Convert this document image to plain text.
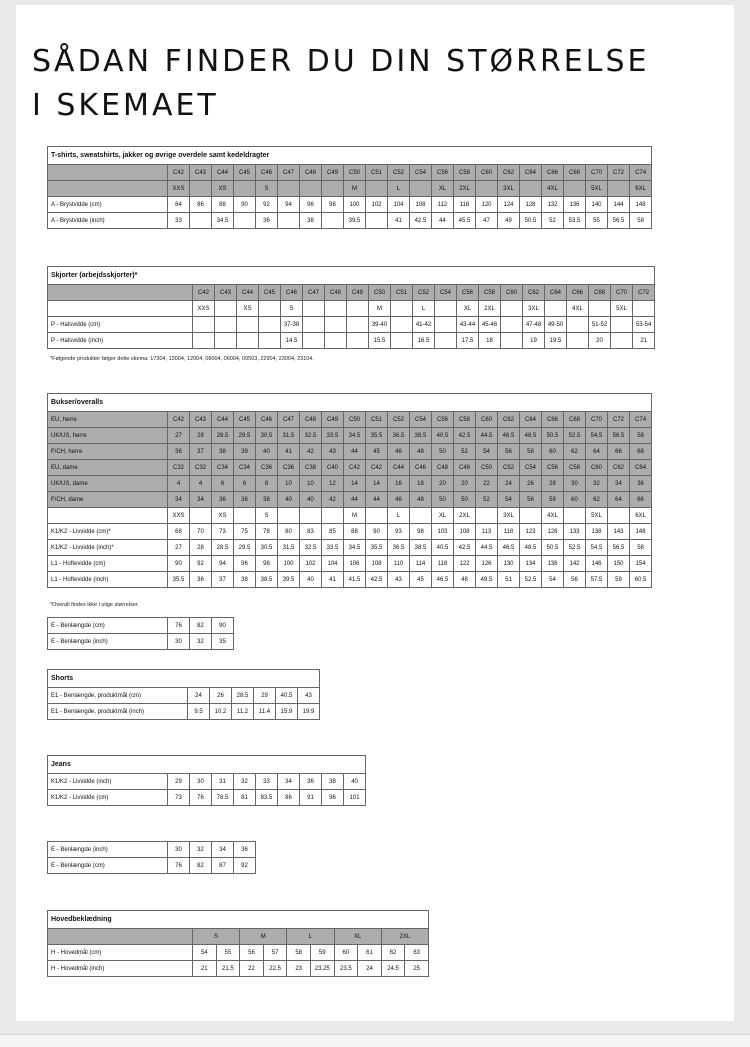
SÅDAN FINDER DU DIN STØRRELSE
I SKEMAET
T-shirts, sweatshirts, jakker og øvrige overdele samt kedeldragter																						
	C42	C43	C44	C45	C46	C47	C48	C49	C50	C51	C52	C54	C56	C58	C60	C62	C64	C66	C68	C70	C72	C74
	XXS		XS		S				M		L		XL	2XL		3XL		4XL		5XL		6XL
A - Brystvidde (cm)	84	86	88	90	92	94	96	98	100	102	104	108	112	116	120	124	128	132	136	140	144	148
A - Brystvidde (inch)	33		34.5		36		38		39.5		41	42.5	44	45.5	47	49	50.5	52	53.5	55	56.5	58
Skjorter (arbejdsskjorter)*																					
	C42	C43	C44	C45	C46	C47	C48	C49	C50	C51	C52	C54	C56	C58	C60	C62	C64	C66	C68	C70	C72
	XXS		XS		S				M		L		XL	2XL		3XL		4XL		5XL	
P - Halsvidde (cm)					37-38				39-40		41-42		43-44	45-46		47-48	49-50		51-52		53-54
P - Halsvidde (inch)					14.5				15.5		16.5		17.5	18		19	19.5		20		21
*Følgende produkter følger dette skema: 17304, 13004, 12004, 09004, 06004, 00503, 22904, 23004, 23104.
Bukser/overalls																						
EU, herre	C42	C43	C44	C45	C46	C47	C48	C49	C50	C51	C52	C54	C56	C58	C60	C62	C64	C66	C68	C70	C72	C74
UK/US, herre	27	28	28.5	29.5	30.5	31.5	32.5	33.5	34.5	35.5	36.5	38.5	40.5	42.5	44.5	46.5	48.5	50.5	52.5	54.5	56.5	58
F/CH, herre	36	37	38	39	40	41	42	43	44	45	46	48	50	52	54	56	58	60	62	64	66	68
EU, dame	C32	C32	C34	C34	C36	C36	C38	C40	C42	C42	C44	C46	C48	C48	C50	C52	C54	C56	C58	C60	C62	C64
UK/US, dame	4	4	6	6	8	10	10	12	14	14	16	18	20	20	22	24	26	28	30	32	34	36
F/CH, dame	34	34	36	36	38	40	40	42	44	44	46	48	50	50	52	54	56	58	60	62	64	66
	XXS		XS		S				M		L		XL	2XL		3XL		4XL		5XL		6XL
K1/K2 - Livvidde (cm)*	68	70	73	75	78	80	83	85	88	90	93	98	103	108	113	118	123	128	133	138	143	148
K1/K2 - Livvidde (inch)*	27	28	28.5	29.5	30.5	31.5	32.5	33.5	34.5	35.5	36.5	38.5	40.5	42.5	44.5	46.5	48.5	50.5	52.5	54.5	56.5	58
L1 - Hoftevidde (cm)	90	92	94	96	98	100	102	104	106	108	110	114	118	122	126	130	134	138	142	146	150	154
L1 - Hoftevidde (inch)	35.5	36	37	38	38.5	39.5	40	41	41.5	42.5	43	45	46.5	48	49.5	51	52.5	54	56	57.5	59	60.5
*Overall findes ikke i ulige størrelser.
E - Benlængde (cm)	76	82	90
E - Benlængde (inch)	30	32	35
Shorts						
E1 - Benlængde, produktmål (cm)	24	26	28.5	29	40.5	43
E1 - Benlængde, produktmål (inch)	9.5	10.2	11.2	11.4	15.9	19.9
Jeans									
K1/K2 - Livvidde (inch)	29	30	31	32	33	34	36	38	40
K1/K2 - Livvidde (cm)	73	76	78.5	81	83.5	86	91	96	101
E - Benlængde (inch)	30	32	34	36
E - Benlængde (cm)	76	82	87	92
Hovedbeklædning										
	S		M		L		XL		2XL	
H - Hovedmål (cm)	54	55	56	57	58	59	60	61	62	63
H - Hovedmål (inch)	21	21.5	22	22.5	23	23.25	23.5	24	24.5	25
